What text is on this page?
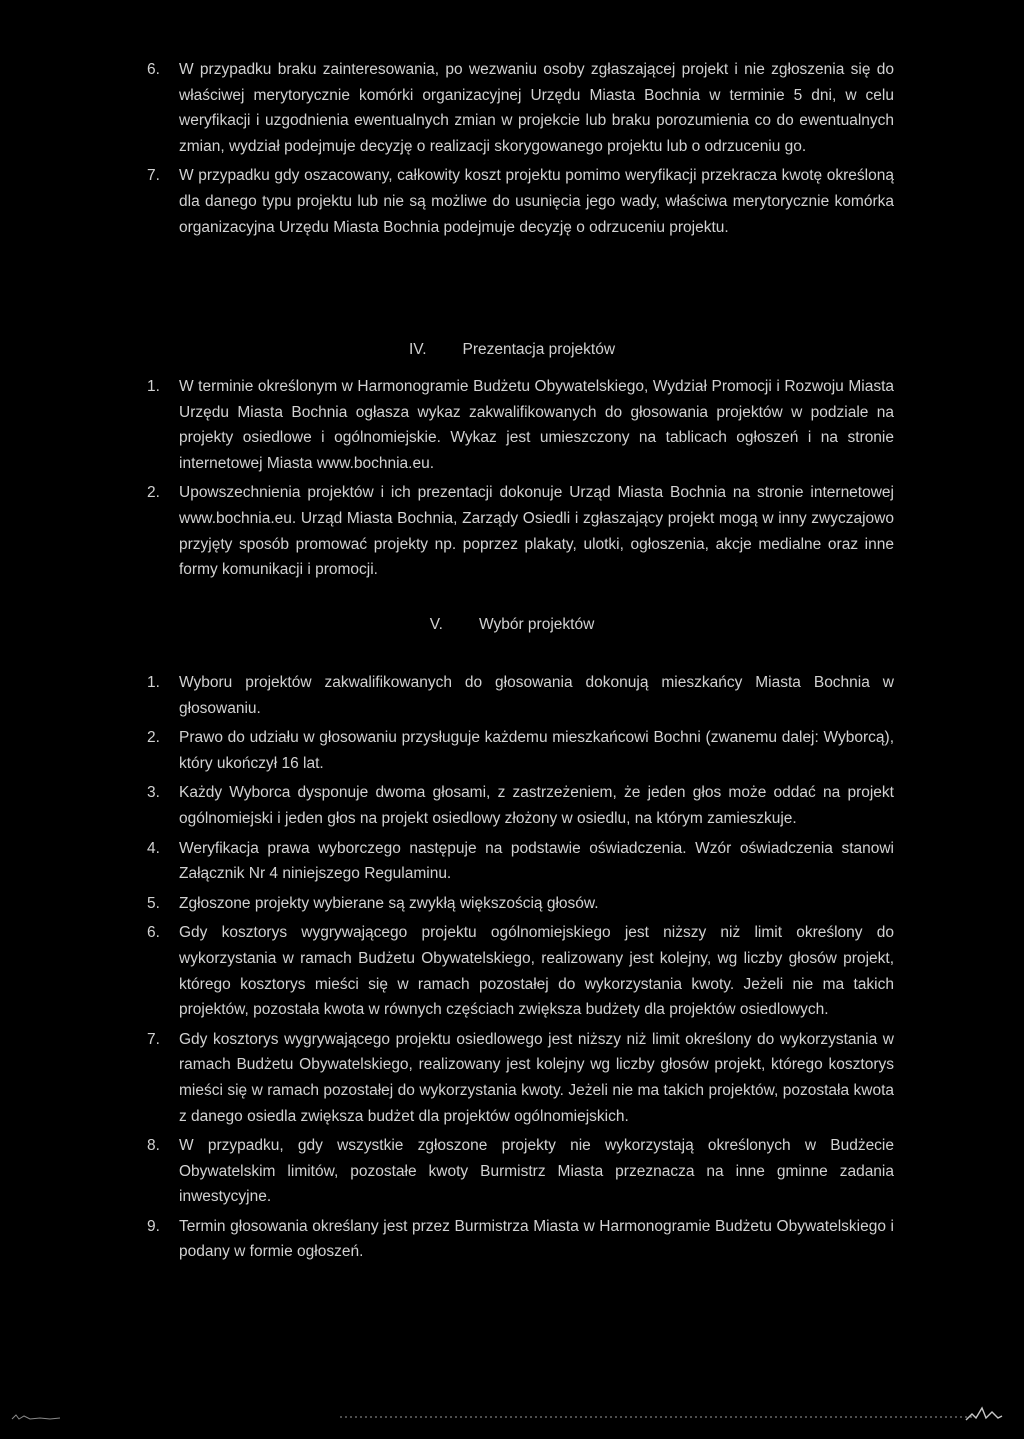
6. W przypadku braku zainteresowania, po wezwaniu osoby zgłaszającej projekt i nie zgłoszenia się do właściwej merytorycznie komórki organizacyjnej Urzędu Miasta Bochnia w terminie 5 dni, w celu weryfikacji i uzgodnienia ewentualnych zmian w projekcie lub braku porozumienia co do ewentualnych zmian, wydział podejmuje decyzję o realizacji skorygowanego projektu lub o odrzuceniu go.
7. W przypadku gdy oszacowany, całkowity koszt projektu pomimo weryfikacji przekracza kwotę określoną dla danego typu projektu lub nie są możliwe do usunięcia jego wady, właściwa merytorycznie komórka organizacyjna Urzędu Miasta Bochnia podejmuje decyzję o odrzuceniu projektu.
IV. Prezentacja projektów
1. W terminie określonym w Harmonogramie Budżetu Obywatelskiego, Wydział Promocji i Rozwoju Miasta Urzędu Miasta Bochnia ogłasza wykaz zakwalifikowanych do głosowania projektów w podziale na projekty osiedlowe i ogólnomiejskie. Wykaz jest umieszczony na tablicach ogłoszeń i na stronie internetowej Miasta www.bochnia.eu.
2. Upowszechnienia projektów i ich prezentacji dokonuje Urząd Miasta Bochnia na stronie internetowej www.bochnia.eu. Urząd Miasta Bochnia, Zarządy Osiedli i zgłaszający projekt mogą w inny zwyczajowo przyjęty sposób promować projekty np. poprzez plakaty, ulotki, ogłoszenia, akcje medialne oraz inne formy komunikacji i promocji.
V. Wybór projektów
1. Wyboru projektów zakwalifikowanych do głosowania dokonują mieszkańcy Miasta Bochnia w głosowaniu.
2. Prawo do udziału w głosowaniu przysługuje każdemu mieszkańcowi Bochni (zwanemu dalej: Wyborcą), który ukończył 16 lat.
3. Każdy Wyborca dysponuje dwoma głosami, z zastrzeżeniem, że jeden głos może oddać na projekt ogólnomiejski i jeden głos na projekt osiedlowy złożony w osiedlu, na którym zamieszkuje.
4. Weryfikacja prawa wyborczego następuje na podstawie oświadczenia. Wzór oświadczenia stanowi Załącznik Nr 4 niniejszego Regulaminu.
5. Zgłoszone projekty wybierane są zwykłą większością głosów.
6. Gdy kosztorys wygrywającego projektu ogólnomiejskiego jest niższy niż limit określony do wykorzystania w ramach Budżetu Obywatelskiego, realizowany jest kolejny, wg liczby głosów projekt, którego kosztorys mieści się w ramach pozostałej do wykorzystania kwoty. Jeżeli nie ma takich projektów, pozostała kwota w równych częściach zwiększa budżety dla projektów osiedlowych.
7. Gdy kosztorys wygrywającego projektu osiedlowego jest niższy niż limit określony do wykorzystania w ramach Budżetu Obywatelskiego, realizowany jest kolejny wg liczby głosów projekt, którego kosztorys mieści się w ramach pozostałej do wykorzystania kwoty. Jeżeli nie ma takich projektów, pozostała kwota z danego osiedla zwiększa budżet dla projektów ogólnomiejskich.
8. W przypadku, gdy wszystkie zgłoszone projekty nie wykorzystają określonych w Budżecie Obywatelskim limitów, pozostałe kwoty Burmistrz Miasta przeznacza na inne gminne zadania inwestycyjne.
9. Termin głosowania określany jest przez Burmistrza Miasta w Harmonogramie Budżetu Obywatelskiego i podany w formie ogłoszeń.
